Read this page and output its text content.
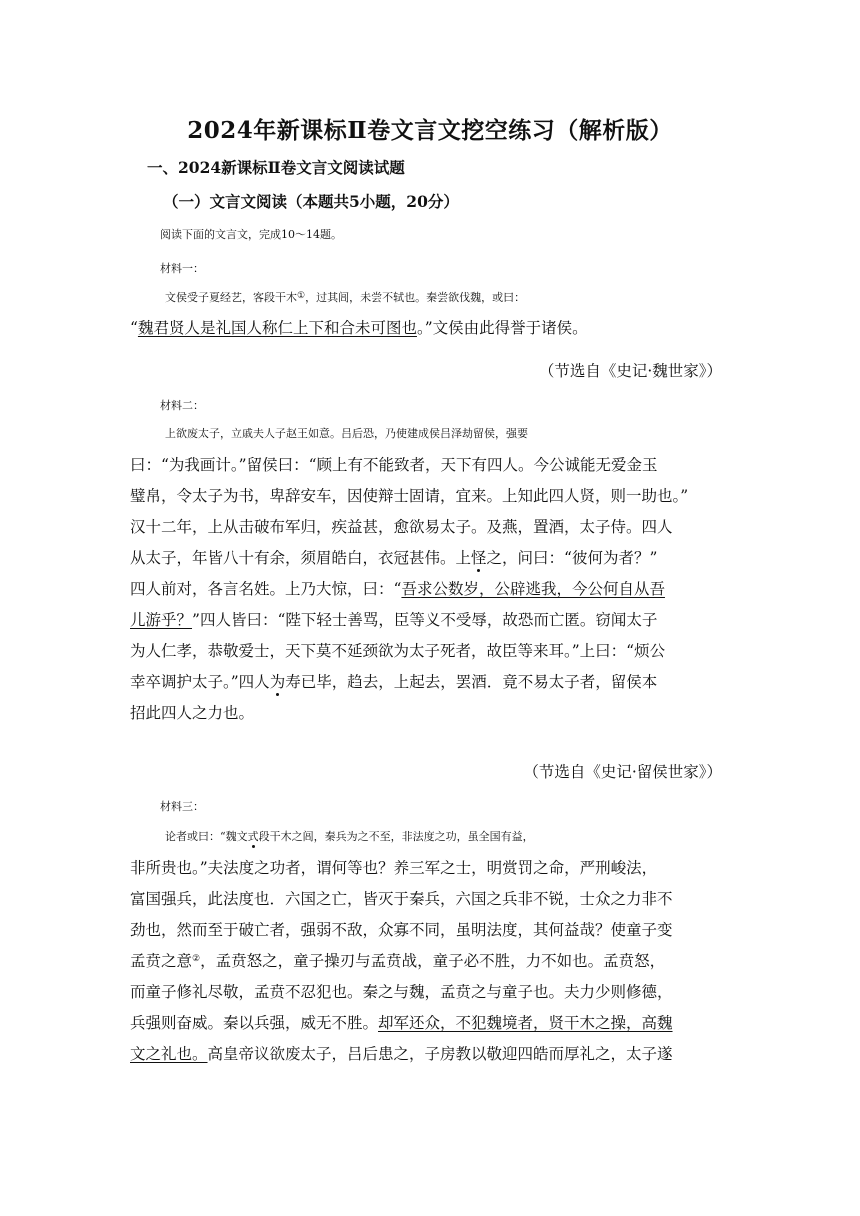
2024年新课标Ⅱ卷文言文挖空练习（解析版）
一、2024新课标Ⅱ卷文言文阅读试题
（一）文言文阅读（本题共5小题，20分）
阅读下面的文言文，完成10～14题。
材料一：
文侯受子夏经艺，客段干木①，过其闾，未尝不轼也。秦尝欲伐魏，或曰：
“魏君贤人是礼国人称仁上下和合未可图也。”文侯由此得誉于诸侯。
（节选自《史记·魏世家》）
材料二：
上欲废太子，立戚夫人子赵王如意。吕后恐，乃使建成侯吕泽劫留侯，强要
曰：“为我画计。”留侯曰：“顾上有不能致者，天下有四人。今公诚能无爱金玉
璧帛，令太子为书，卑辞安车，因使辩士固请，宜来。上知此四人贤，则一助也。”
汉十二年，上从击破布军归，疾益甚，愈欲易太子。及燕，置酒，太子侍。四人
从太子，年皆八十有余，须眉皓白，衣冠甚伟。上怪之，问曰：“彼何为者？”
四人前对，各言名姓。上乃大惊，曰：“吾求公数岁，公辟逃我，今公何自从吾
儿游乎？”四人皆曰：“陛下轻士善骂，臣等义不受辱，故恐而亡匿。窃闻太子
为人仁孝，恭敬爱士，天下莫不延颈欲为太子死者，故臣等来耳。”上曰：“烦公
幸卒调护太子。”四人为寿已毕，趋去，上起去，罢酒．竟不易太子者，留侯本
招此四人之力也。
（节选自《史记·留侯世家》）
材料三：
论者或曰：“魏文式段干木之闾，秦兵为之不至，非法度之功，虽全国有益，
非所贵也。”夫法度之功者，谓何等也？养三军之士，明赏罚之命，严刑峻法，
富国强兵，此法度也．六国之亡，皆灭于秦兵，六国之兵非不锐，士众之力非不
劲也，然而至于破亡者，强弱不敌，众寡不同，虽明法度，其何益哉？使童子变
孟贲之意②，孟贲怒之，童子操刃与孟贲战，童子必不胜，力不如也。孟贲怒，
而童子修礼尽敬，孟贲不忍犯也。秦之与魏，孟贲之与童子也。夫力少则修德，
兵强则奋威。秦以兵强，威无不胜。却军还众，不犯魏境者，贤干木之操，高魏
文之礼也。高皇帝议欲废太子，吕后患之，子房教以敬迎四皓而厚礼之，太子遂
